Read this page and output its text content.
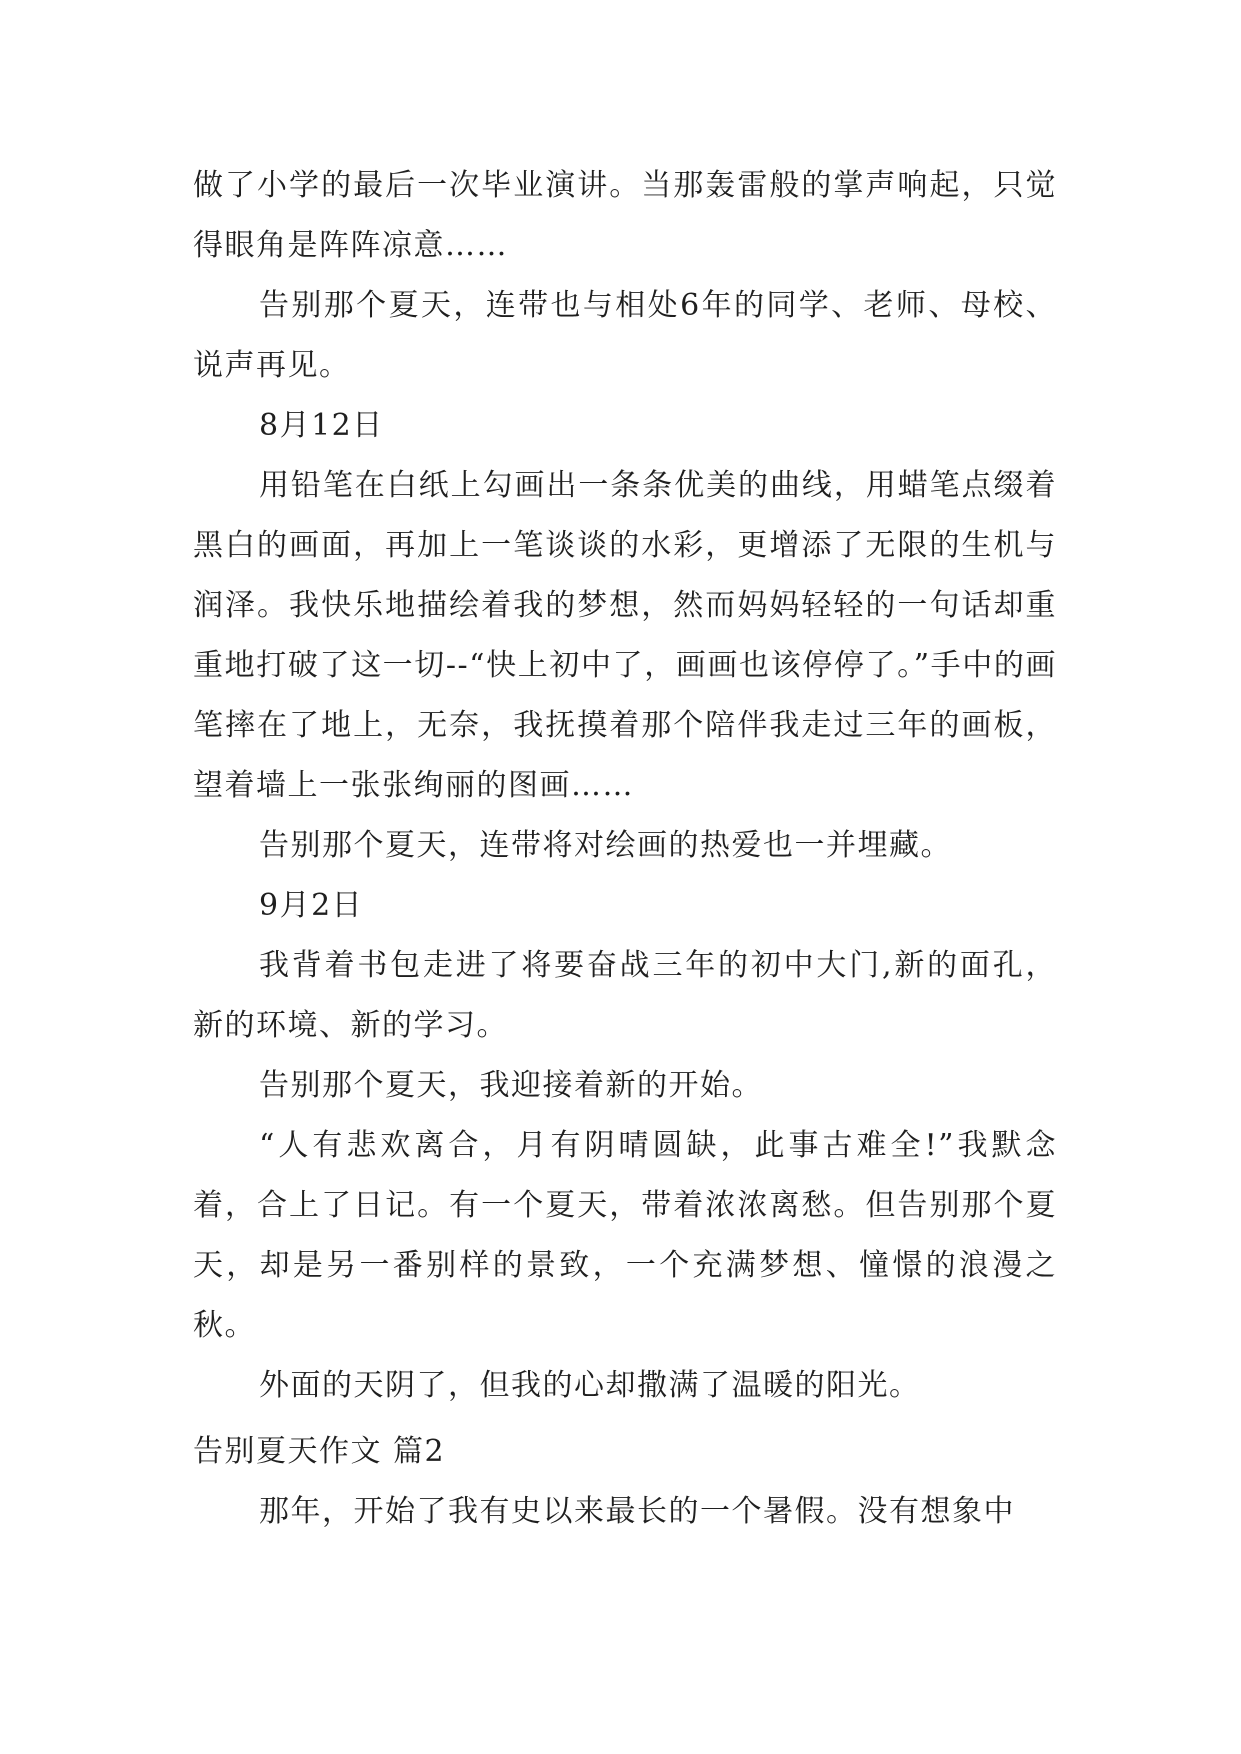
做了小学的最后一次毕业演讲。当那轰雷般的掌声响起，只觉得眼角是阵阵凉意……

告别那个夏天，连带也与相处6年的同学、老师、母校、说声再见。

8月12日

用铅笔在白纸上勾画出一条条优美的曲线，用蜡笔点缀着黑白的画面，再加上一笔谈谈的水彩，更增添了无限的生机与润泽。我快乐地描绘着我的梦想，然而妈妈轻轻的一句话却重重地打破了这一切--“快上初中了，画画也该停停了。”手中的画笔摔在了地上，无奈，我抚摸着那个陪伴我走过三年的画板，望着墙上一张张绚丽的图画……

告别那个夏天，连带将对绘画的热爱也一并埋藏。

9月2日

我背着书包走进了将要奋战三年的初中大门,新的面孔，新的环境、新的学习。

告别那个夏天，我迎接着新的开始。

“人有悲欢离合，月有阴晴圆缺，此事古难全!”我默念着，合上了日记。有一个夏天，带着浓浓离愁。但告别那个夏天，却是另一番别样的景致，一个充满梦想、憧憬的浪漫之秋。

外面的天阴了，但我的心却撒满了温暖的阳光。

告别夏天作文 篇2

那年，开始了我有史以来最长的一个暑假。没有想象中
